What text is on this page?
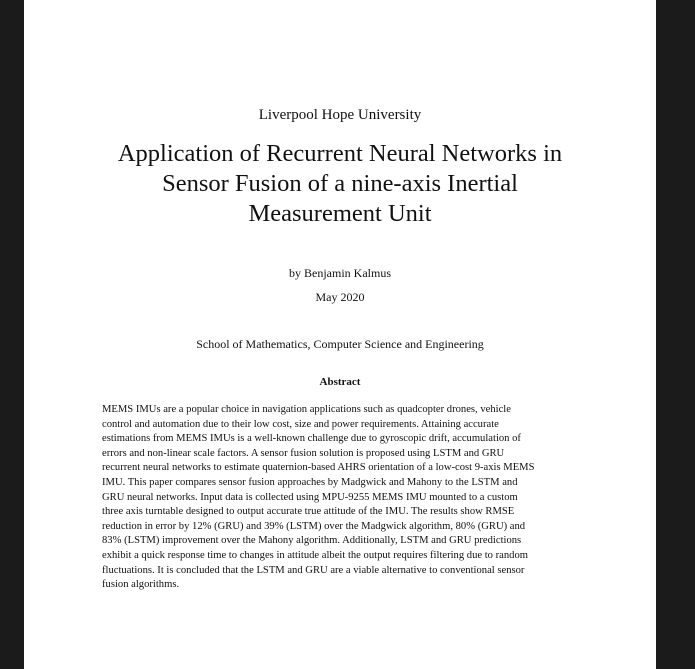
Liverpool Hope University
Application of Recurrent Neural Networks in
Sensor Fusion of a nine-axis Inertial
Measurement Unit
by Benjamin Kalmus
May 2020
School of Mathematics, Computer Science and Engineering
Abstract
MEMS IMUs are a popular choice in navigation applications such as quadcopter drones, vehicle
control and automation due to their low cost, size and power requirements. Attaining accurate
estimations from MEMS IMUs is a well-known challenge due to gyroscopic drift, accumulation of
errors and non-linear scale factors. A sensor fusion solution is proposed using LSTM and GRU
recurrent neural networks to estimate quaternion-based AHRS orientation of a low-cost 9-axis MEMS
IMU. This paper compares sensor fusion approaches by Madgwick and Mahony to the LSTM and
GRU neural networks. Input data is collected using MPU-9255 MEMS IMU mounted to a custom
three axis turntable designed to output accurate true attitude of the IMU. The results show RMSE
reduction in error by 12% (GRU) and 39% (LSTM) over the Madgwick algorithm, 80% (GRU) and
83% (LSTM) improvement over the Mahony algorithm. Additionally, LSTM and GRU predictions
exhibit a quick response time to changes in attitude albeit the output requires filtering due to random
fluctuations. It is concluded that the LSTM and GRU are a viable alternative to conventional sensor
fusion algorithms.
